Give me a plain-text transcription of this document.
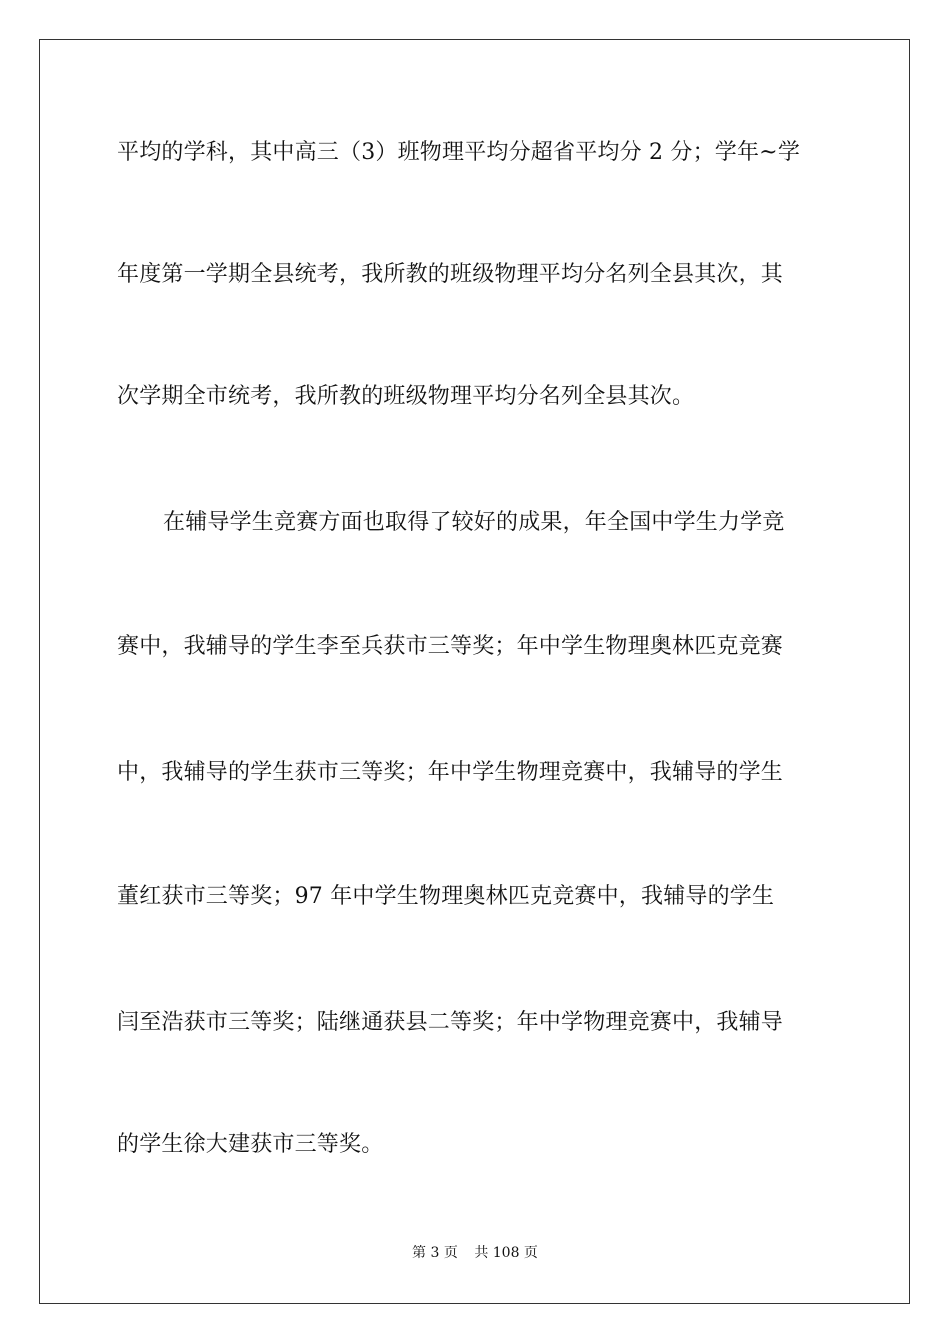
平均的学科，其中高三（3）班物理平均分超省平均分 2 分；学年~学
年度第一学期全县统考，我所教的班级物理平均分名列全县其次，其
次学期全市统考，我所教的班级物理平均分名列全县其次。
在辅导学生竞赛方面也取得了较好的成果，年全国中学生力学竞
赛中，我辅导的学生李至兵获市三等奖；年中学生物理奥林匹克竞赛
中，我辅导的学生获市三等奖；年中学生物理竞赛中，我辅导的学生
董红获市三等奖；97 年中学生物理奥林匹克竞赛中，我辅导的学生
闫至浩获市三等奖；陆继通获县二等奖；年中学物理竞赛中，我辅导
的学生徐大建获市三等奖。
第 3 页 共 108 页
